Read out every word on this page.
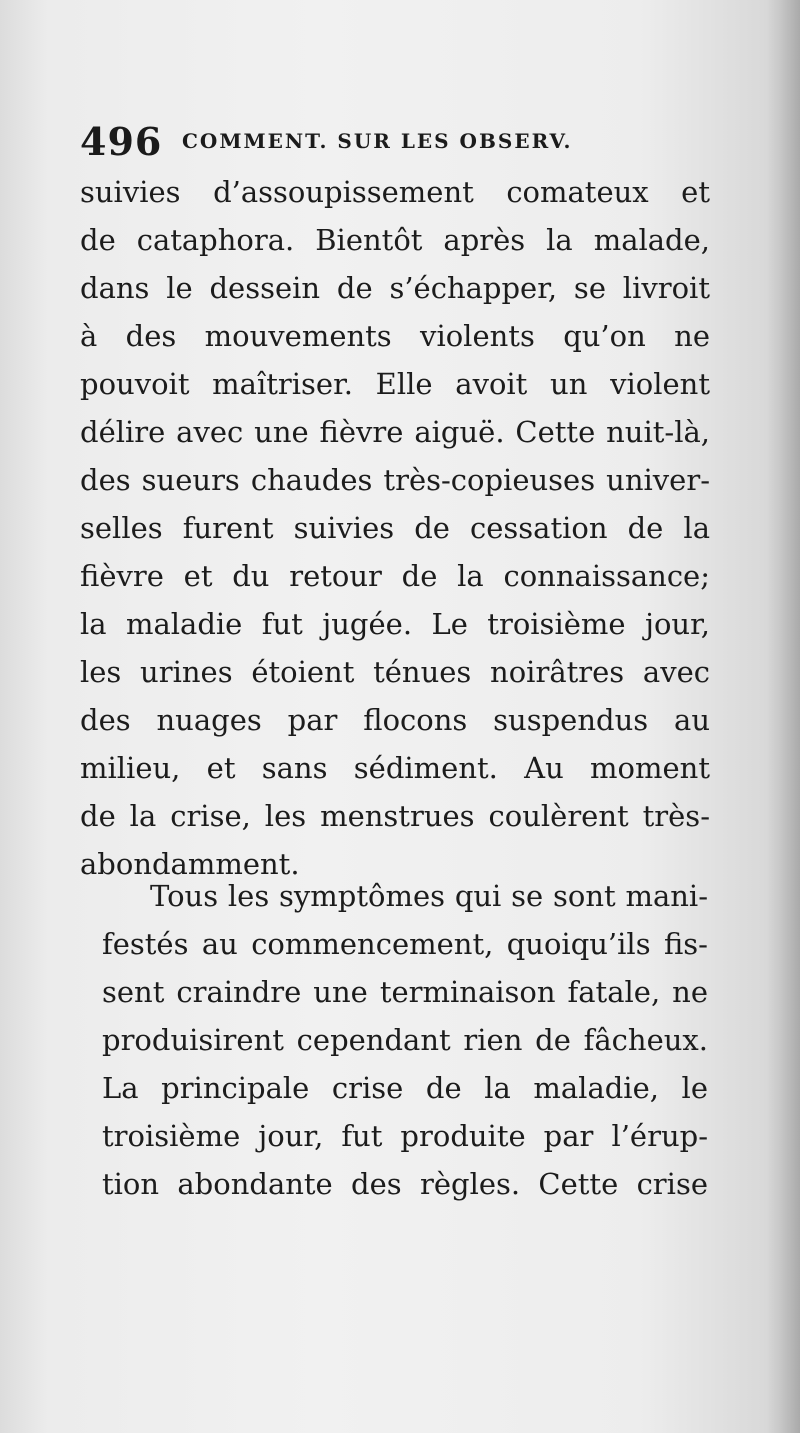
496 COMMENT. SUR LES OBSERV.
suivies d’assoupissement comateux et
de cataphora. Bientôt après la malade,
dans le dessein de s’échapper, se livroit
à des mouvements violents qu’on ne
pouvoit maîtriser. Elle avoit un violent
délire avec une fièvre aiguë. Cette nuit-là,
des sueurs chaudes très-copieuses univer-
selles furent suivies de cessation de la
fièvre et du retour de la connaissance;
la maladie fut jugée. Le troisième jour,
les urines étoient ténues noirâtres avec
des nuages par flocons suspendus au
milieu, et sans sédiment. Au moment
de la crise, les menstrues coulèrent très-
abondamment.
Tous les symptômes qui se sont mani-
festés au commencement, quoiqu’ils fis-
sent craindre une terminaison fatale, ne
produisirent cependant rien de fâcheux.
La principale crise de la maladie, le
troisième jour, fut produite par l’érup-
tion abondante des règles. Cette crise
